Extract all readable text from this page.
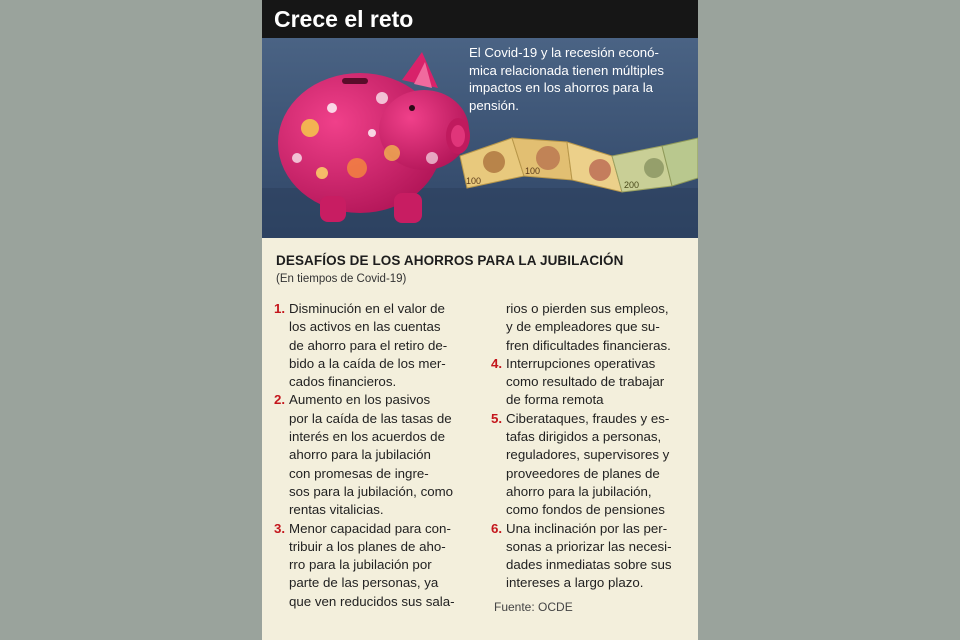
Crece el reto
100
100
200
El Covid-19 y la recesión econó-
mica relacionada tienen múltiples
impactos en los ahorros para la
pensión.
DESAFÍOS DE LOS AHORROS PARA LA JUBILACIÓN
(En tiempos de Covid-19)
1. Disminución en el valor de
los activos en las cuentas
de ahorro para el retiro de-
bido a la caída de los mer-
cados financieros.
2. Aumento en los pasivos
por la caída de las tasas de
interés en los acuerdos de
ahorro para la jubilación
con promesas de ingre-
sos para la jubilación, como
rentas vitalicias.
3. Menor capacidad para con-
tribuir a los planes de aho-
rro para la jubilación por
parte de las personas, ya
que ven reducidos sus sala-
rios o pierden sus empleos,
y de empleadores que su-
fren dificultades financieras.
4. Interrupciones operativas
como resultado de trabajar
de forma remota
5. Ciberataques, fraudes y es-
tafas dirigidos a personas,
reguladores, supervisores y
proveedores de planes de
ahorro para la jubilación,
como fondos de pensiones
6. Una inclinación por las per-
sonas a priorizar las necesi-
dades inmediatas sobre sus
intereses a largo plazo.
Fuente: OCDE
